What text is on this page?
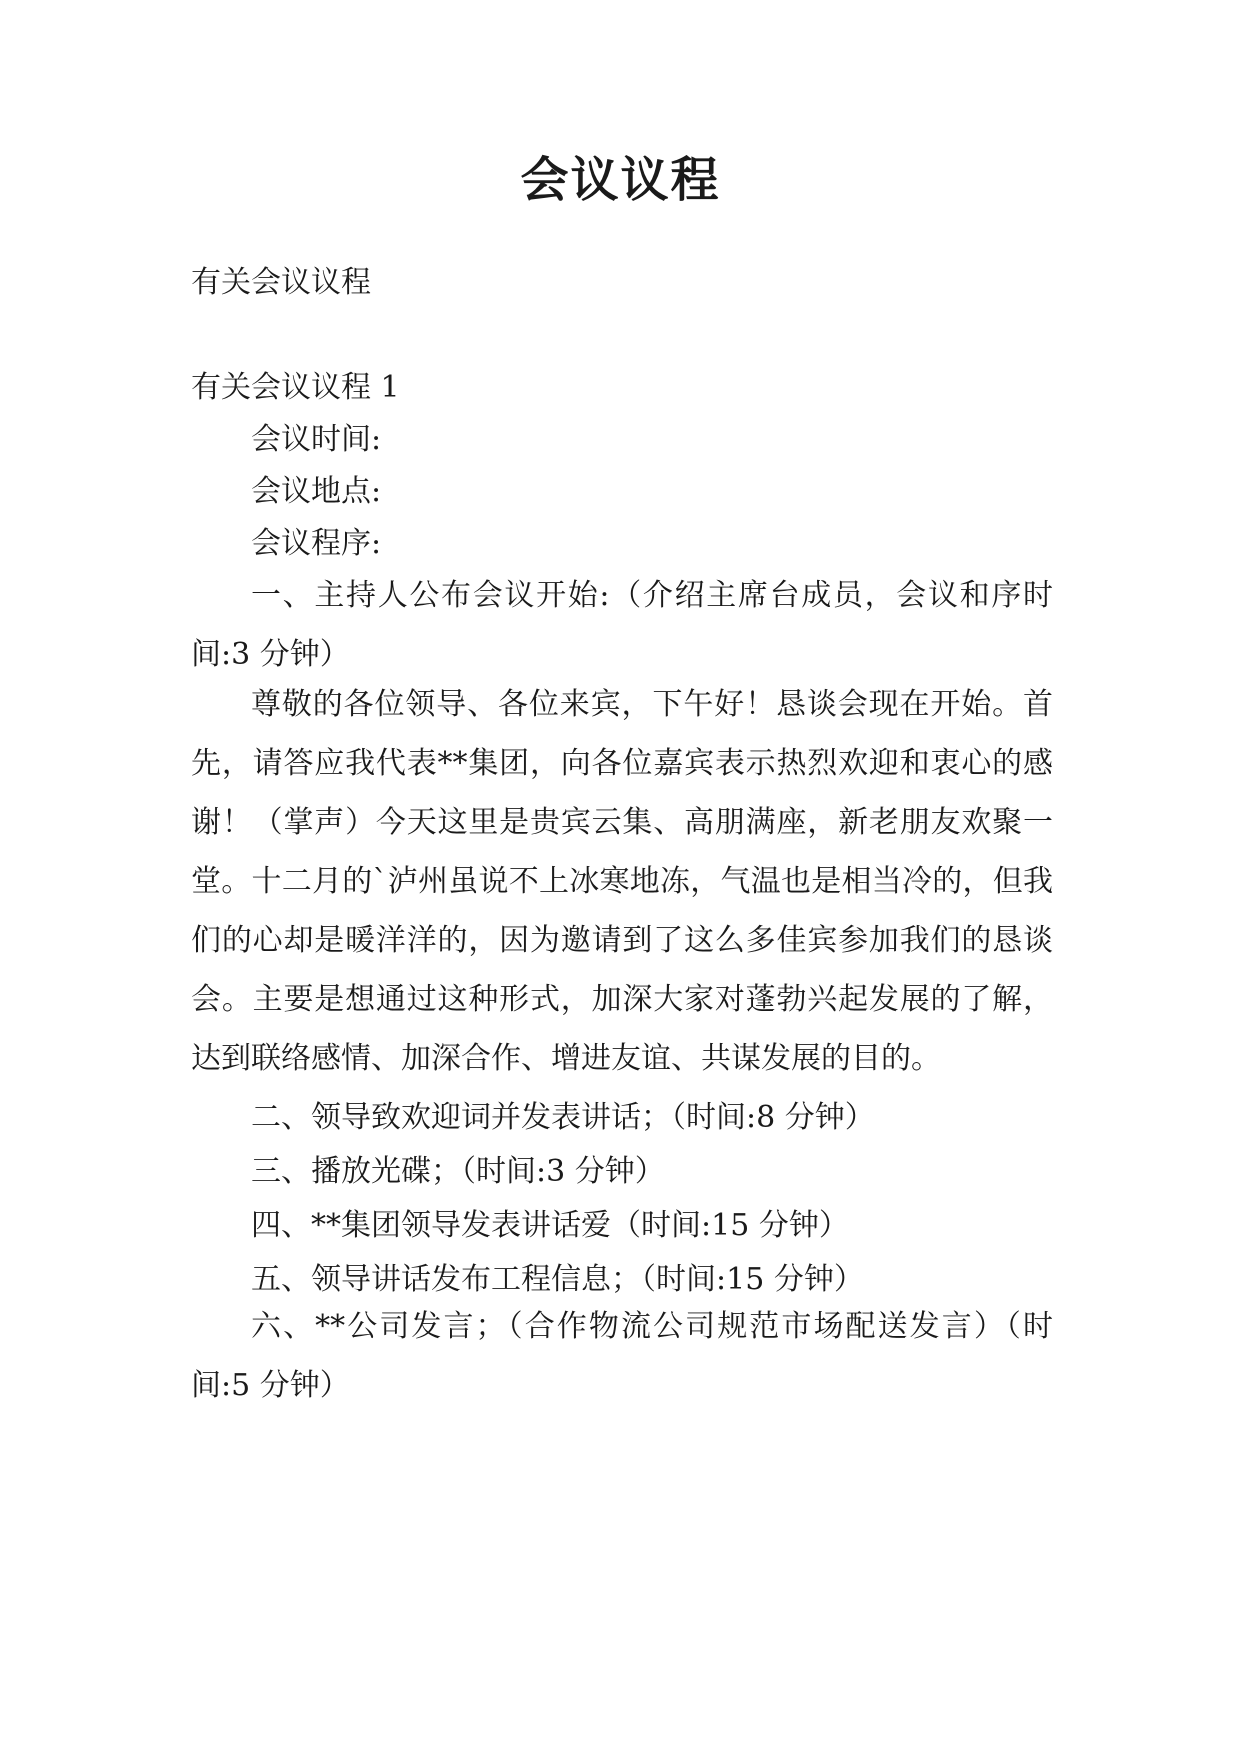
会议议程

有关会议议程

有关会议议程 1

会议时间:

会议地点:

会议程序:

一、主持人公布会议开始:（介绍主席台成员，会议和序时间:3 分钟）

尊敬的各位领导、各位来宾，下午好！恳谈会现在开始。首先，请答应我代表**集团，向各位嘉宾表示热烈欢迎和衷心的感谢！（掌声）今天这里是贵宾云集、高朋满座，新老朋友欢聚一堂。十二月的`泸州虽说不上冰寒地冻，气温也是相当冷的，但我们的心却是暖洋洋的，因为邀请到了这么多佳宾参加我们的恳谈会。主要是想通过这种形式，加深大家对蓬勃兴起发展的了解，达到联络感情、加深合作、增进友谊、共谋发展的目的。

二、领导致欢迎词并发表讲话；（时间:8 分钟）

三、播放光碟；（时间:3 分钟）

四、**集团领导发表讲话爱（时间:15 分钟）

五、领导讲话发布工程信息；（时间:15 分钟）

六、**公司发言；（合作物流公司规范市场配送发言）（时间:5 分钟）
